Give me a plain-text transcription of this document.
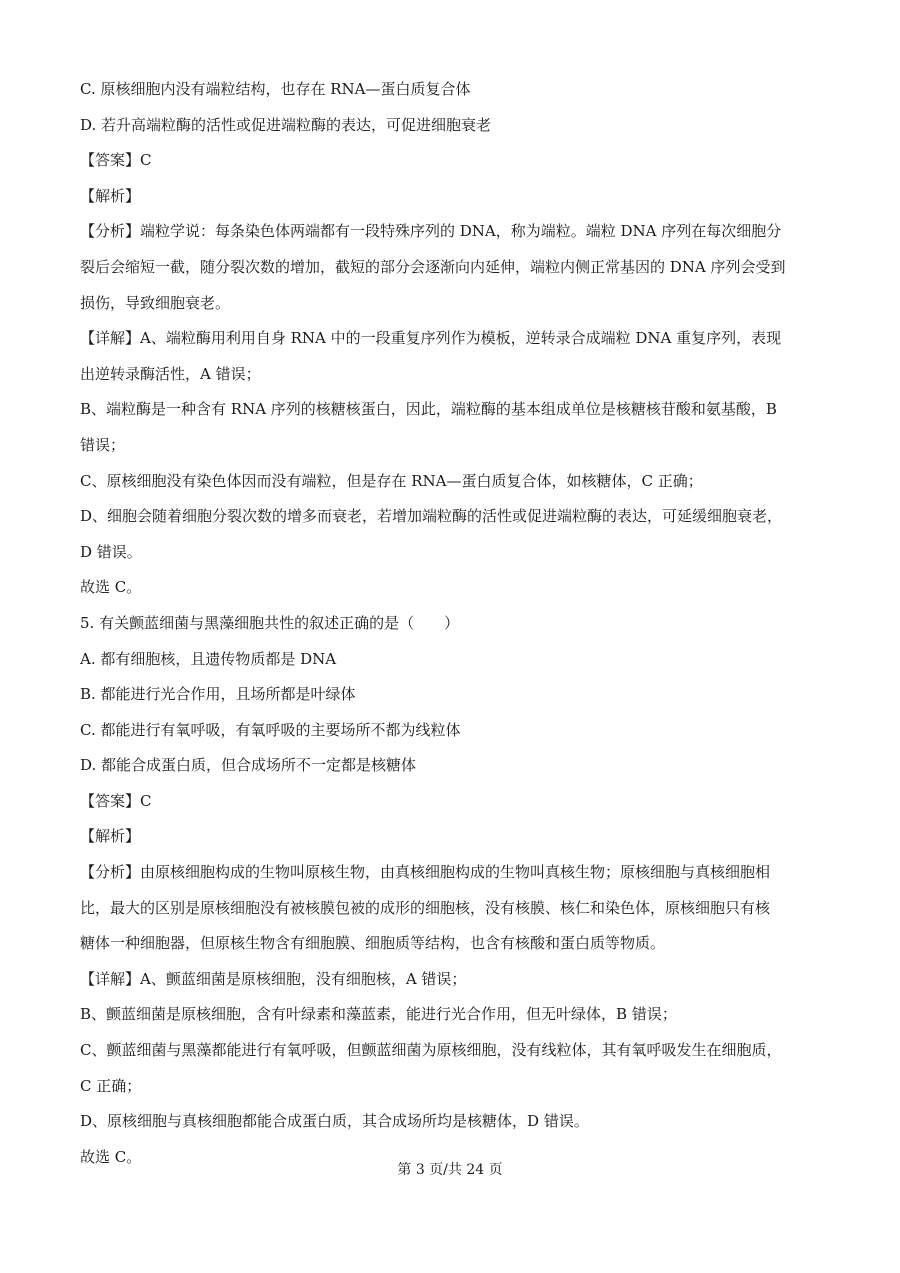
C. 原核细胞内没有端粒结构，也存在 RNA—蛋白质复合体

D. 若升高端粒酶的活性或促进端粒酶的表达，可促进细胞衰老

【答案】C

【解析】

【分析】端粒学说：每条染色体两端都有一段特殊序列的 DNA，称为端粒。端粒 DNA 序列在每次细胞分

裂后会缩短一截，随分裂次数的增加，截短的部分会逐渐向内延伸，端粒内侧正常基因的 DNA 序列会受到

损伤，导致细胞衰老。

【详解】A、端粒酶用利用自身 RNA 中的一段重复序列作为模板，逆转录合成端粒 DNA 重复序列，表现

出逆转录酶活性，A 错误；

B、端粒酶是一种含有 RNA 序列的核糖核蛋白，因此，端粒酶的基本组成单位是核糖核苷酸和氨基酸，B

错误；

C、原核细胞没有染色体因而没有端粒，但是存在 RNA—蛋白质复合体，如核糖体，C 正确；

D、细胞会随着细胞分裂次数的增多而衰老，若增加端粒酶的活性或促进端粒酶的表达，可延缓细胞衰老，

D 错误。

故选 C。

5. 有关颤蓝细菌与黑藻细胞共性的叙述正确的是（　　）

A. 都有细胞核，且遗传物质都是 DNA

B. 都能进行光合作用，且场所都是叶绿体

C. 都能进行有氧呼吸，有氧呼吸的主要场所不都为线粒体

D. 都能合成蛋白质，但合成场所不一定都是核糖体

【答案】C

【解析】

【分析】由原核细胞构成的生物叫原核生物，由真核细胞构成的生物叫真核生物；原核细胞与真核细胞相

比，最大的区别是原核细胞没有被核膜包被的成形的细胞核，没有核膜、核仁和染色体，原核细胞只有核

糖体一种细胞器，但原核生物含有细胞膜、细胞质等结构，也含有核酸和蛋白质等物质。

【详解】A、颤蓝细菌是原核细胞，没有细胞核，A 错误；

B、颤蓝细菌是原核细胞，含有叶绿素和藻蓝素，能进行光合作用，但无叶绿体，B 错误；

C、颤蓝细菌与黑藻都能进行有氧呼吸，但颤蓝细菌为原核细胞，没有线粒体，其有氧呼吸发生在细胞质，

C 正确；

D、原核细胞与真核细胞都能合成蛋白质，其合成场所均是核糖体，D 错误。

故选 C。

第 3 页/共 24 页
